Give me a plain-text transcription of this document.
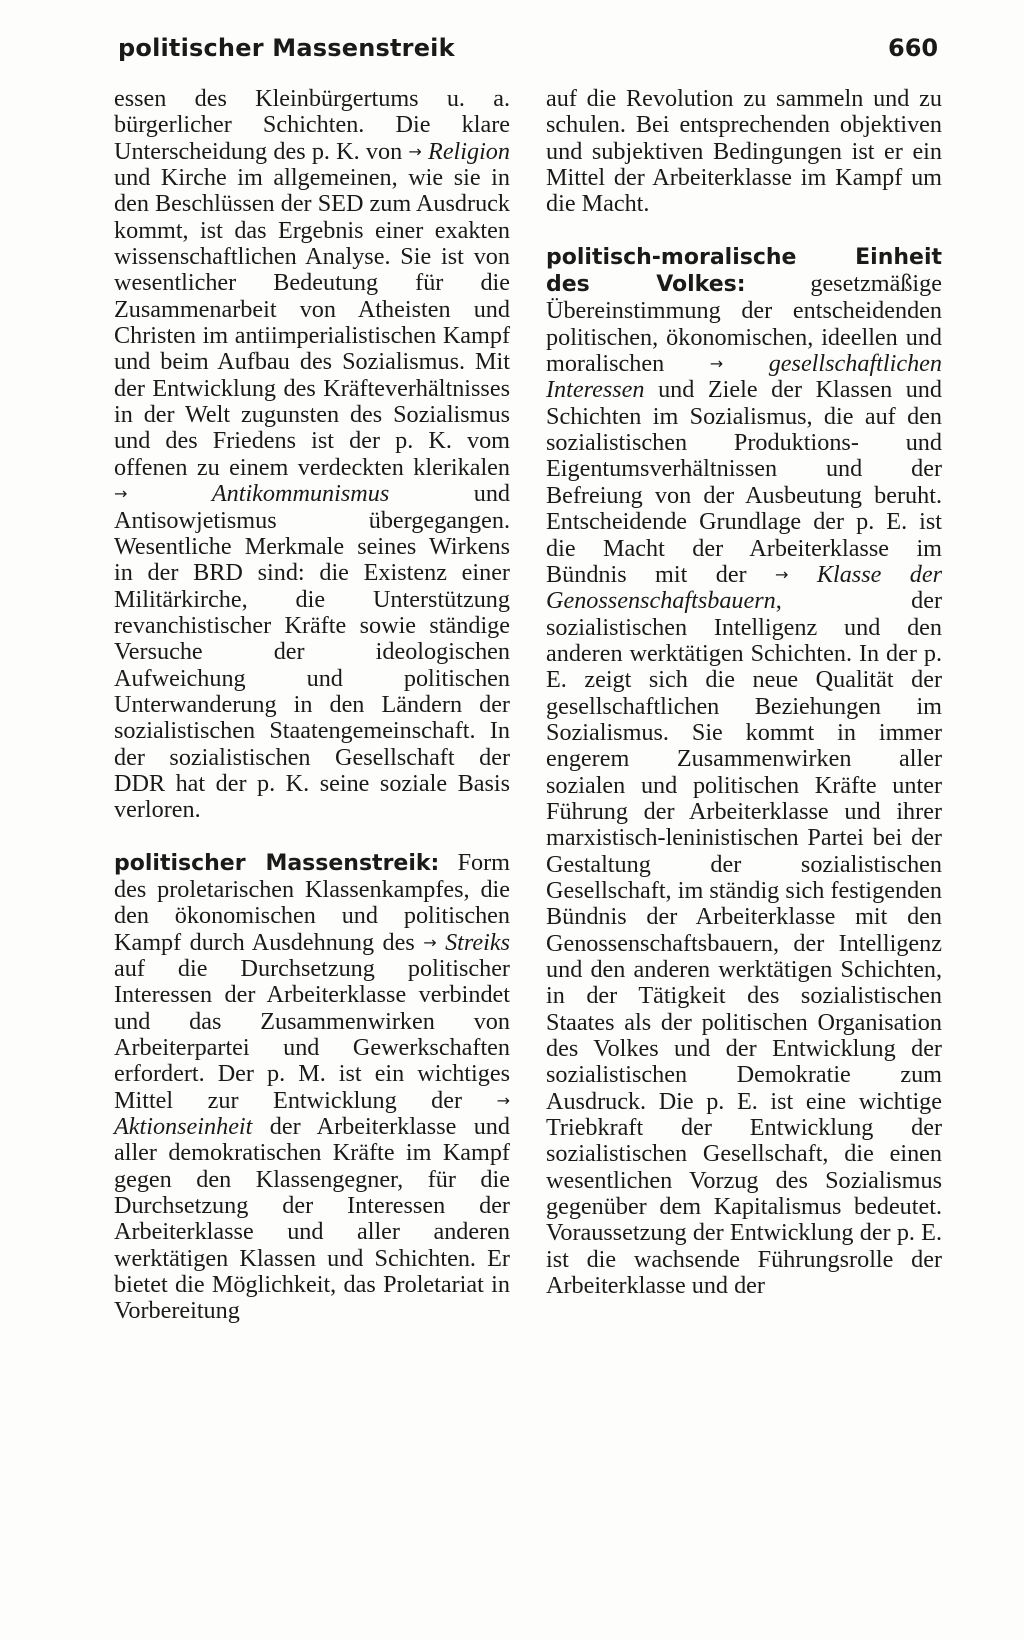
politischer Massenstreik	660

essen des Kleinbürgertums u. a. bürgerlicher Schichten. Die klare Unterscheidung des p. K. von → Religion und Kirche im allgemeinen, wie sie in den Beschlüssen der SED zum Ausdruck kommt, ist das Ergebnis einer exakten wissenschaftlichen Analyse. Sie ist von wesentlicher Bedeutung für die Zusammenarbeit von Atheisten und Christen im antiimperialistischen Kampf und beim Aufbau des Sozialismus. Mit der Entwicklung des Kräfteverhältnisses in der Welt zugunsten des Sozialismus und des Friedens ist der p. K. vom offenen zu einem verdeckten klerikalen →	Antikommunismus und Antisowjetismus übergegangen. Wesentliche Merkmale seines Wirkens in der BRD sind: die Existenz einer Militärkirche, die Unterstützung revanchistischer Kräfte sowie ständige Versuche der ideologischen Aufweichung und politischen Unterwanderung in den Ländern der sozialistischen Staatengemeinschaft. In der sozialistischen Gesellschaft der DDR hat der p. K. seine soziale Basis verloren.

politischer Massenstreik: Form des proletarischen Klassenkampfes, die den ökonomischen und politischen Kampf durch Ausdehnung des → Streiks auf die Durchsetzung politischer Interessen der Arbeiterklasse verbindet und das Zusammenwirken von Arbeiterpartei und Gewerkschaften erfordert. Der p. M. ist ein wichtiges Mittel zur Entwicklung der → Aktionseinheit der Arbeiterklasse und aller demokratischen Kräfte im Kampf gegen den Klassengegner, für die Durchsetzung der Interessen der Arbeiterklasse und aller anderen werktätigen Klassen und Schichten. Er bietet die Möglichkeit, das Proletariat in Vorbereitung

auf die Revolution zu sammeln und zu schulen. Bei entsprechenden objektiven und subjektiven Bedingungen ist er ein Mittel der Arbeiterklasse im Kampf um die Macht.

politisch-moralische Einheit des Volkes: gesetzmäßige Übereinstimmung der entscheidenden politischen, ökonomischen, ideellen und moralischen → gesellschaftlichen Interessen und Ziele der Klassen und Schichten im Sozialismus, die auf den sozialistischen Produktions- und Eigentumsverhältnissen und der Befreiung von der Ausbeutung beruht. Entscheidende Grundlage der p. E. ist die Macht der Arbeiterklasse im Bündnis mit der → Klasse der Genossenschaftsbauern, der sozialistischen Intelligenz und den anderen werktätigen Schichten. In der p. E. zeigt sich die neue Qualität der gesellschaftlichen Beziehungen im Sozialismus. Sie kommt in immer engerem Zusammenwirken aller sozialen und politischen Kräfte unter Führung der Arbeiterklasse und ihrer marxistisch-leninistischen Partei bei der Gestaltung der sozialistischen Gesellschaft, im ständig sich festigenden Bündnis der Arbeiterklasse mit den Genossenschaftsbauern, der Intelligenz und den anderen werktätigen Schichten, in der Tätigkeit des sozialistischen Staates als der politischen Organisation des Volkes und der Entwicklung der sozialistischen Demokratie zum Ausdruck. Die p. E. ist eine wichtige Triebkraft der Entwicklung der sozialistischen Gesellschaft, die einen wesentlichen Vorzug des Sozialismus gegenüber dem Kapitalismus bedeutet. Voraussetzung der Entwicklung der p. E. ist die wachsende Führungsrolle der Arbeiterklasse und der
